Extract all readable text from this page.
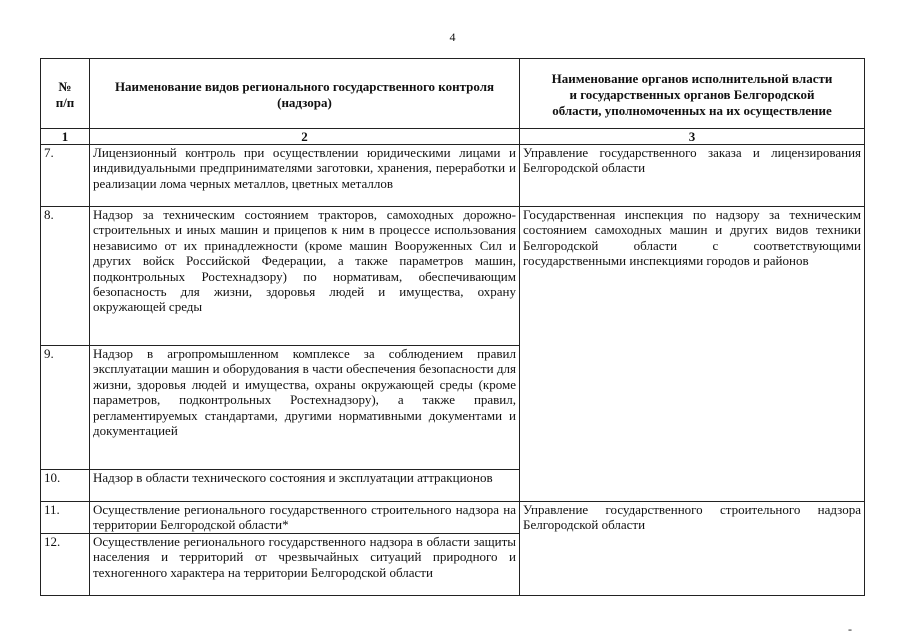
4
№
п/п	Наименование видов регионального государственного контроля (надзора)	Наименование органов исполнительной власти и государственных органов Белгородской области, уполномоченных на их осуществление
1	2	3
7.	Лицензионный контроль при осуществлении юридическими лицами и индивидуальными предпринимателями заготовки, хранения, переработки и реализации лома черных металлов, цветных металлов	Управление государственного заказа и лицензирования Белгородской области
8.	Надзор за техническим состоянием тракторов, самоходных дорожно-строительных и иных машин и прицепов к ним в процессе использования независимо от их принадлежности (кроме машин Вооруженных Сил и других войск Российской Федерации, а также параметров машин, подконтрольных Ростехнадзору) по нормативам, обеспечивающим безопасность для жизни, здоровья людей и имущества, охрану окружающей среды	Государственная инспекция по надзору за техническим состоянием самоходных машин и других видов техники Белгородской области с соответствующими государственными инспекциями городов и районов
9.	Надзор в агропромышленном комплексе за соблюдением правил эксплуатации машин и оборудования в части обеспечения безопасности для жизни, здоровья людей и имущества, охраны окружающей среды (кроме параметров, подконтрольных Ростехнадзору), а также правил, регламентируемых стандартами, другими нормативными документами и документацией	
10.	Надзор в области технического состояния и эксплуатации аттракционов	
11.	Осуществление регионального государственного строительного надзора на территории Белгородской области*	Управление государственного строительного надзора Белгородской области
12.	Осуществление регионального государственного надзора в области защиты населения и территорий от чрезвычайных ситуаций природного и техногенного характера на территории Белгородской области	
-
